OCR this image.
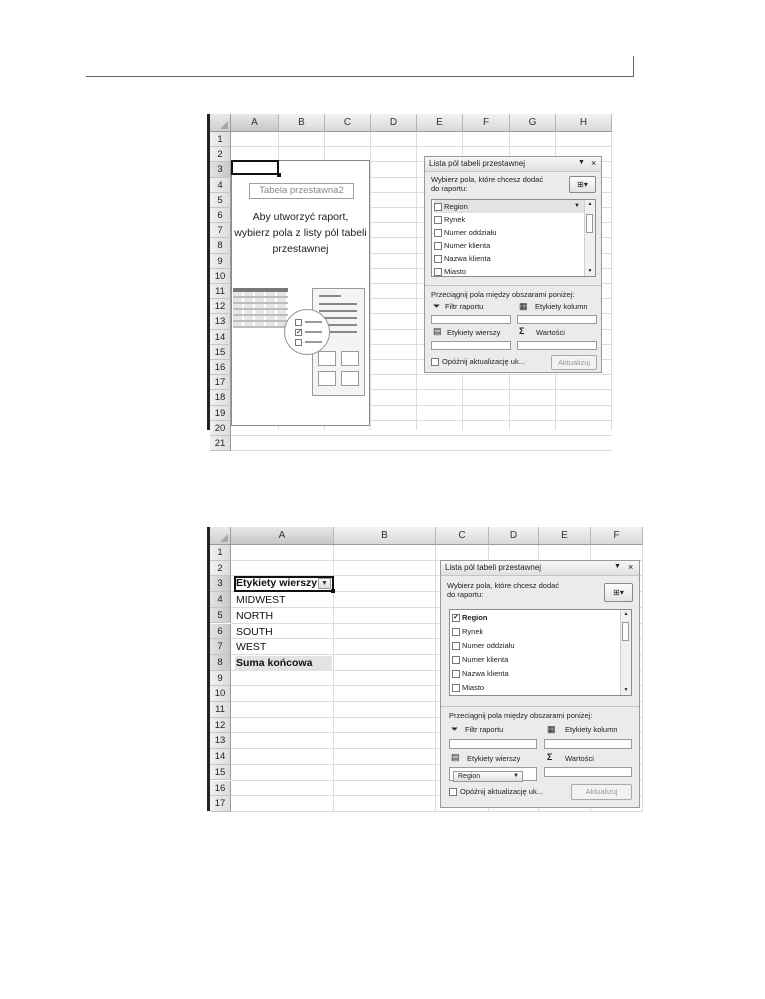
A	B	C	D	E	F	G	H
1
2
3
4
5
6
7
8
9
10
11
12
13
14
15
16
17
18
19
20
21
Tabela przestawna2
Aby utworzyć raport, wybierz pola z listy pól tabeli przestawnej
✓
Lista pól tabeli przestawnej	▼ ×
Wybierz pola, które chcesz dodać
do raportu:	⊞▾
Region	▼
Rynek
Numer oddziału
Numer klienta
Nazwa klienta
Miasto
▲
▼
Przeciągnij pola między obszarami poniżej:
⏷ Filtr raportu	▦ Etykiety kolumn
▤ Etykiety wierszy Σ Wartości
Opóźnij aktualizację uk...	Aktualizuj
A	B	C	D	E	F
1
2
3
4
5
6
7
8
9
10
11
12
13
14
15
16
17
Etykiety wierszy ▼
MIDWEST
NORTH
SOUTH
WEST
Suma końcowa
Lista pól tabeli przestawnej	▼ ×
Wybierz pola, które chcesz dodać
do raportu:	⊞▾
✓ Region
Rynek
Numer oddziału
Numer klienta
Nazwa klienta
Miasto
▲
▼
Przeciągnij pola między obszarami poniżej:
⏷ Filtr raportu	▦ Etykiety kolumn
▤ Etykiety wierszy	Σ Wartości
Region	▼
Opóźnij aktualizację uk...	Aktualizuj
